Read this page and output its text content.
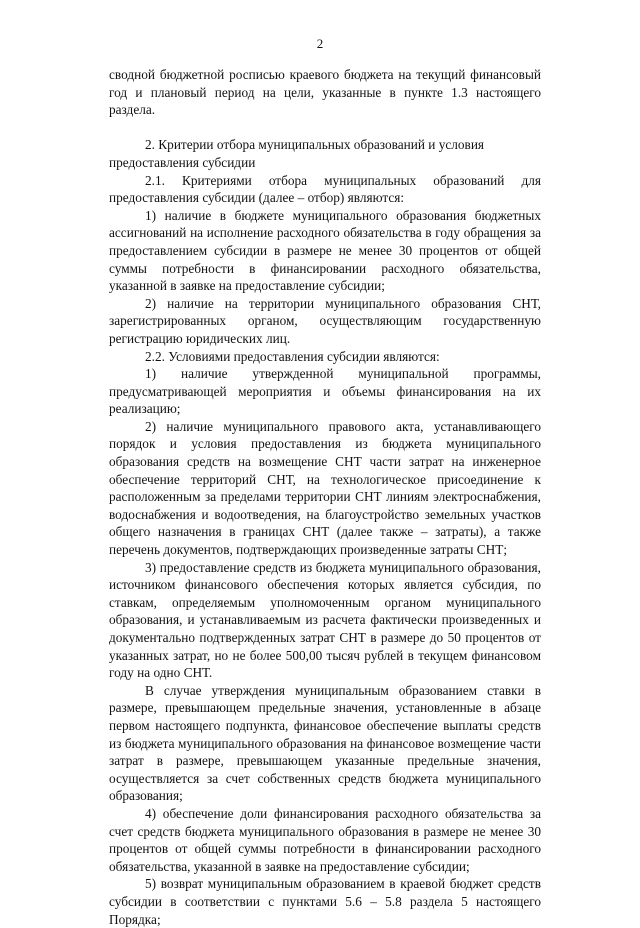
2

сводной бюджетной росписью краевого бюджета на текущий финансовый год и плановый период на цели, указанные в пункте 1.3 настоящего раздела.

2. Критерии отбора муниципальных образований и условия предоставления субсидии

2.1. Критериями отбора муниципальных образований для предоставления субсидии (далее – отбор) являются:

1) наличие в бюджете муниципального образования бюджетных ассигнований на исполнение расходного обязательства в году обращения за предоставлением субсидии в размере не менее 30 процентов от общей суммы потребности в финансировании расходного обязательства, указанной в заявке на предоставление субсидии;

2) наличие на территории муниципального образования СНТ, зарегистрированных органом, осуществляющим государственную регистрацию юридических лиц.

2.2. Условиями предоставления субсидии являются:

1) наличие утвержденной муниципальной программы, предусматривающей мероприятия и объемы финансирования на их реализацию;

2) наличие муниципального правового акта, устанавливающего порядок и условия предоставления из бюджета муниципального образования средств на возмещение СНТ части затрат на инженерное обеспечение территорий СНТ, на технологическое присоединение к расположенным за пределами территории СНТ линиям электроснабжения, водоснабжения и водоотведения, на благоустройство земельных участков общего назначения в границах СНТ (далее также – затраты), а также перечень документов, подтверждающих произведенные затраты СНТ;

3) предоставление средств из бюджета муниципального образования, источником финансового обеспечения которых является субсидия, по ставкам, определяемым уполномоченным органом муниципального образования, и устанавливаемым из расчета фактически произведенных и документально подтвержденных затрат СНТ в размере до 50 процентов от указанных затрат, но не более 500,00 тысяч рублей в текущем финансовом году на одно СНТ.

В случае утверждения муниципальным образованием ставки в размере, превышающем предельные значения, установленные в абзаце первом настоящего подпункта, финансовое обеспечение выплаты средств из бюджета муниципального образования на финансовое возмещение части затрат в размере, превышающем указанные предельные значения, осуществляется за счет собственных средств бюджета муниципального образования;

4) обеспечение доли финансирования расходного обязательства за счет средств бюджета муниципального образования в размере не менее 30 процентов от общей суммы потребности в финансировании расходного обязательства, указанной в заявке на предоставление субсидии;

5) возврат муниципальным образованием в краевой бюджет средств субсидии в соответствии с пунктами 5.6 – 5.8 раздела 5 настоящего Порядка;
